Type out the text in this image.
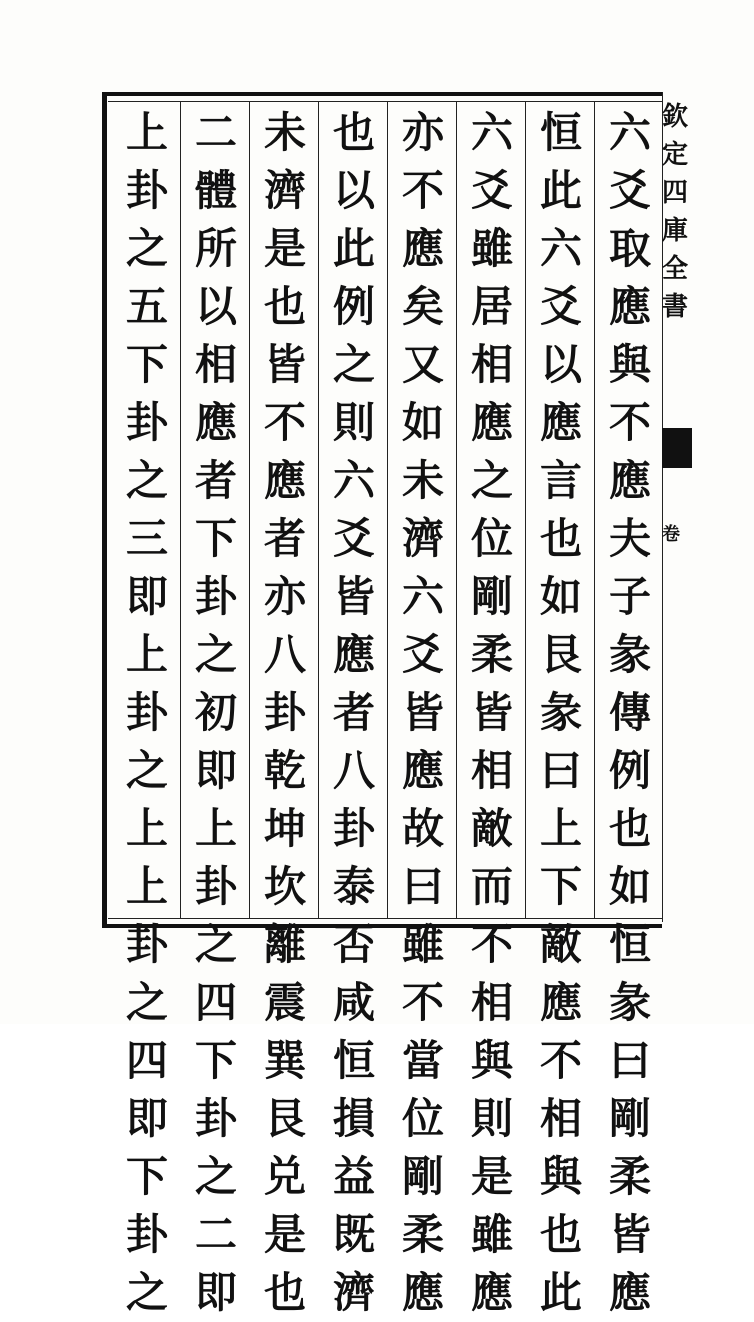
六
爻
取
應
與
不
應
夫
子
彖
傳
例
也
如
恒
彖
曰
剛
柔
皆
應
恒
此
六
爻
以
應
言
也
如
艮
彖
曰
上
下
敵
應
不
相
與
也
此
六
爻
雖
居
相
應
之
位
剛
柔
皆
相
敵
而
不
相
與
則
是
雖
應
亦
不
應
矣
又
如
未
濟
六
爻
皆
應
故
曰
雖
不
當
位
剛
柔
應
也
以
此
例
之
則
六
爻
皆
應
者
八
卦
泰
否
咸
恒
損
益
既
濟
未
濟
是
也
皆
不
應
者
亦
八
卦
乾
坤
坎
離
震
巽
艮
兑
是
也
二
體
所
以
相
應
者
下
卦
之
初
即
上
卦
之
四
下
卦
之
二
即
上
卦
之
五
下
卦
之
三
即
上
卦
之
上
上
卦
之
四
即
下
卦
之
欽
定
四
庫
全
書
卷
